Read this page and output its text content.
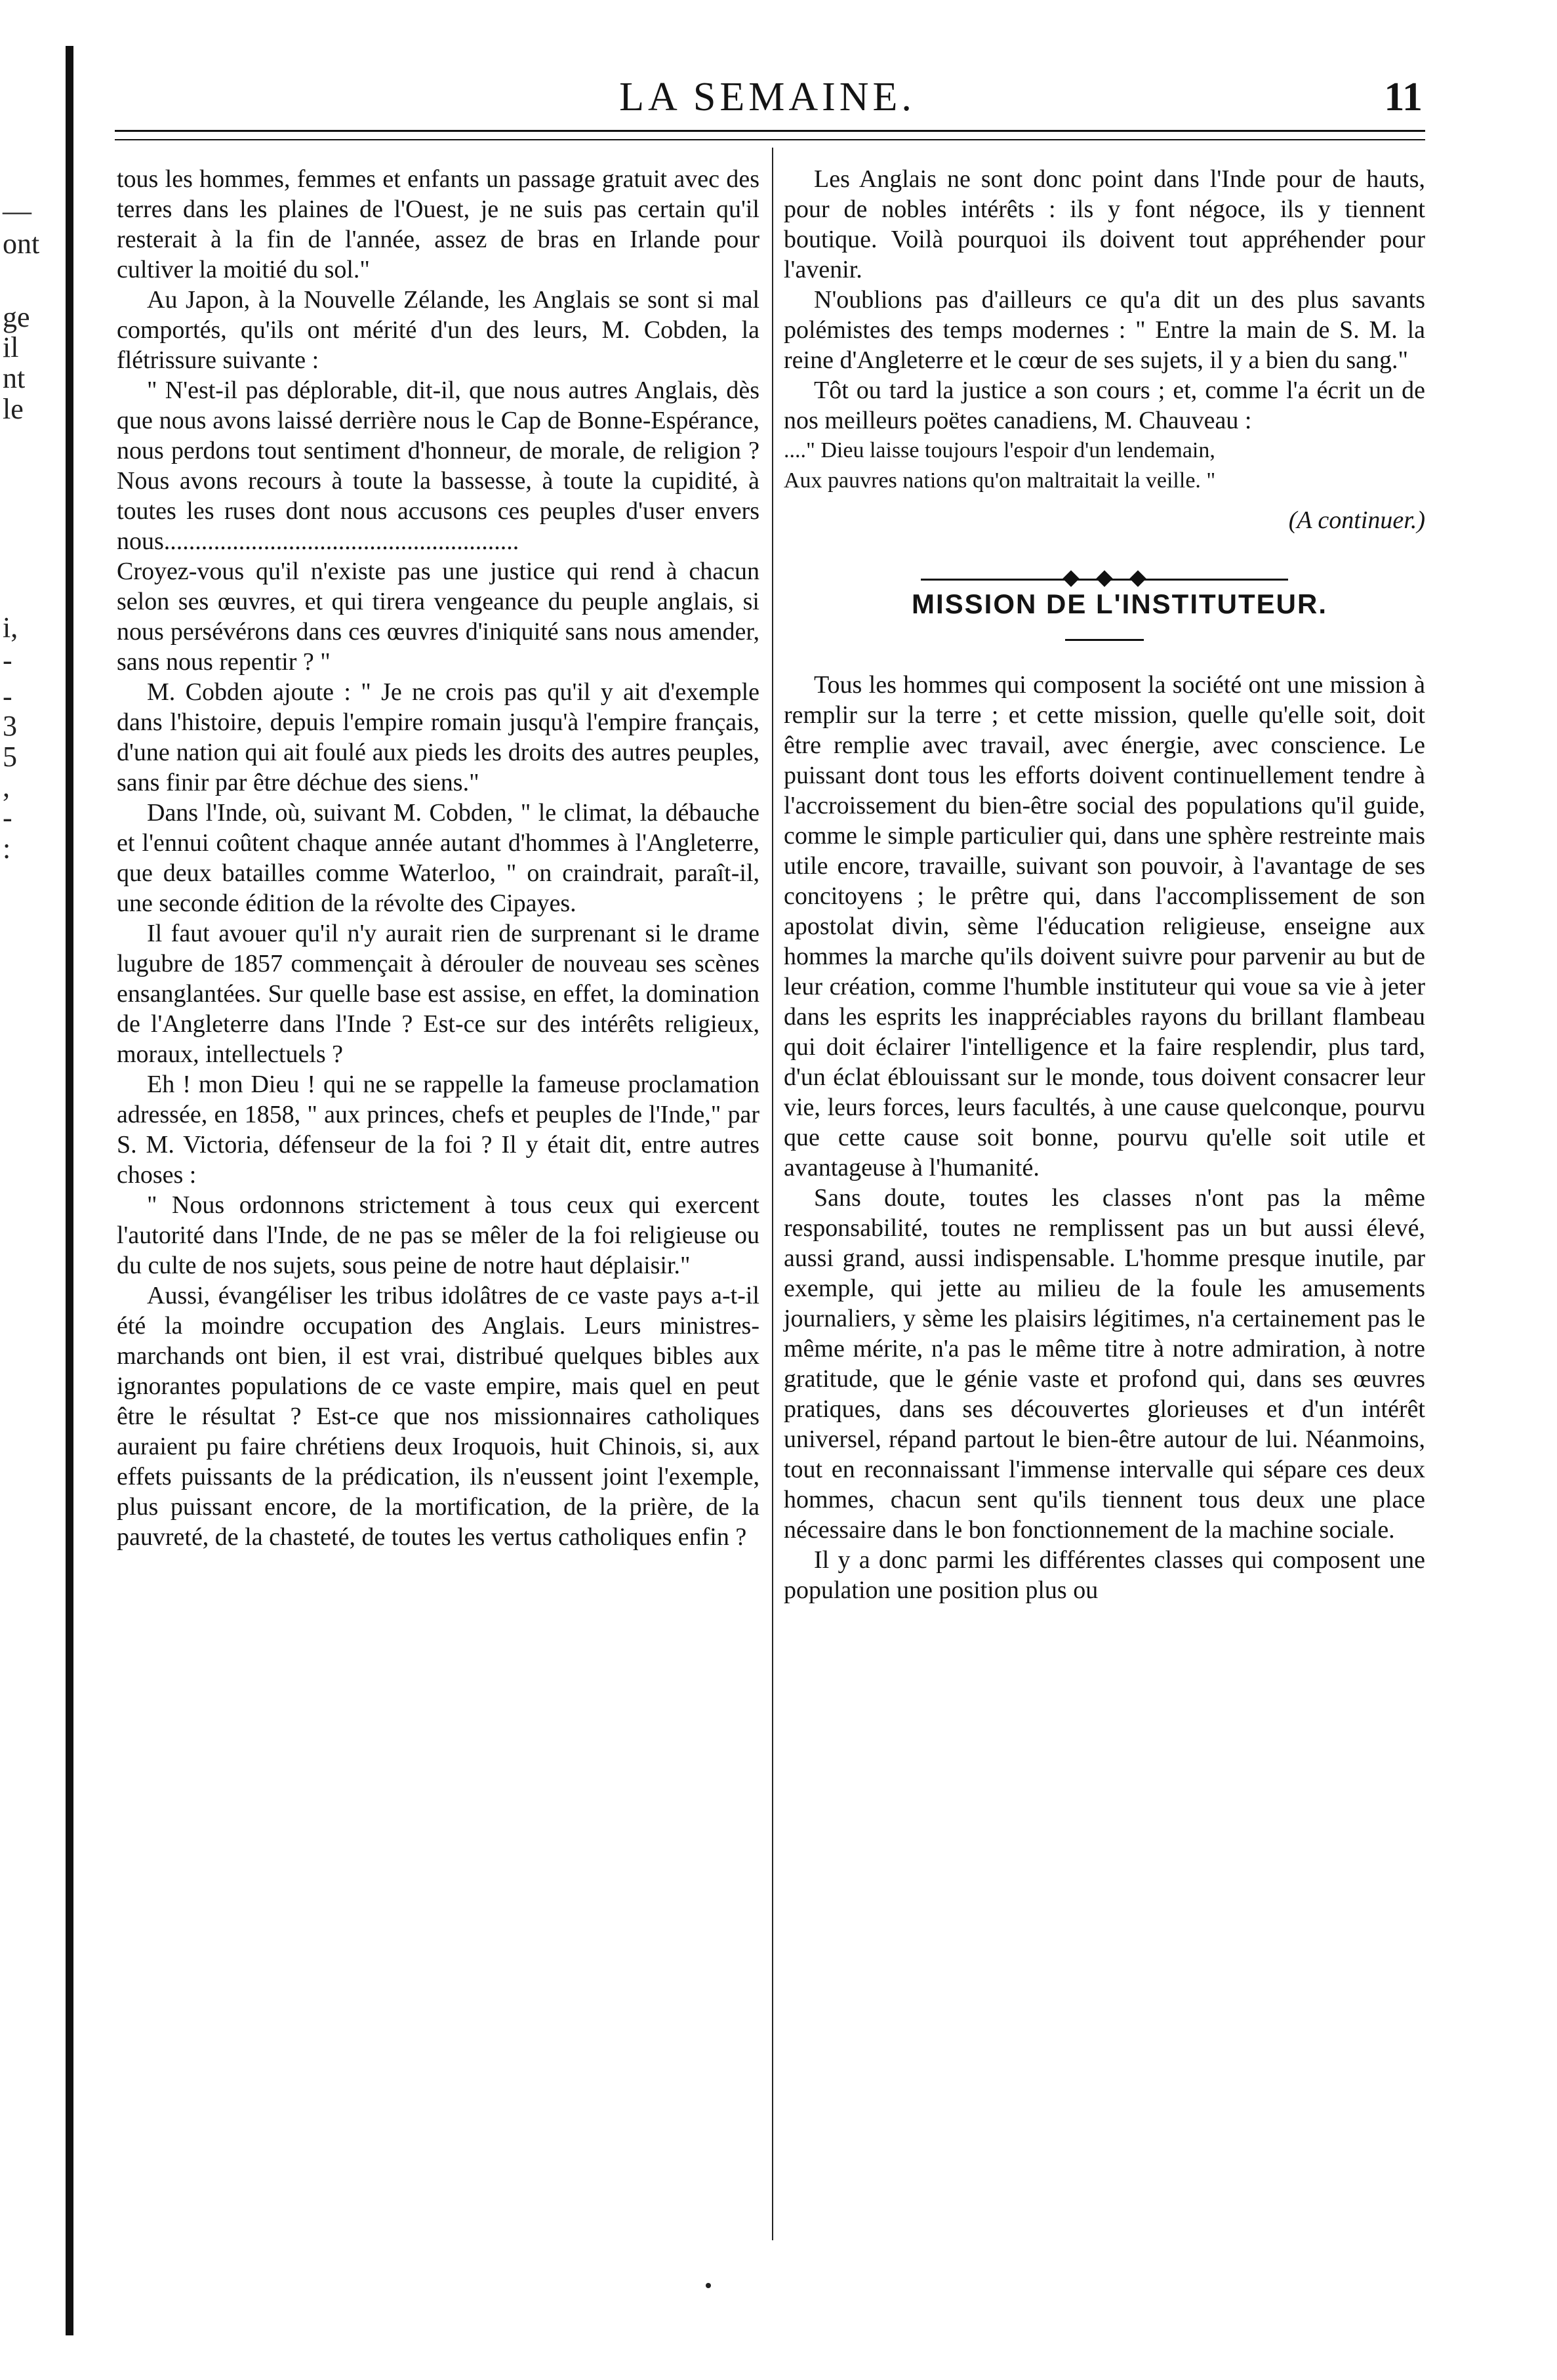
—
ont
ge
il
nt
le
i,
-
-
3
5
,
-
:
LA SEMAINE.	11

tous les hommes, femmes et enfants un passage gratuit avec des terres dans les plaines de l'Ouest, je ne suis pas certain qu'il resterait à la fin de l'année, assez de bras en Irlande pour cultiver la moitié du sol."

Au Japon, à la Nouvelle Zélande, les Anglais se sont si mal comportés, qu'ils ont mérité d'un des leurs, M. Cobden, la flétrissure suivante :

" N'est-il pas déplorable, dit-il, que nous autres Anglais, dès que nous avons laissé derrière nous le Cap de Bonne-Espérance, nous perdons tout sentiment d'honneur, de morale, de religion ? Nous avons recours à toute la bassesse, à toute la cupidité, à toutes les ruses dont nous accusons ces peuples d'user envers nous.........................................................

Croyez-vous qu'il n'existe pas une justice qui rend à chacun selon ses œuvres, et qui tirera vengeance du peuple anglais, si nous persévérons dans ces œuvres d'iniquité sans nous amender, sans nous repentir ? "

M. Cobden ajoute : " Je ne crois pas qu'il y ait d'exemple dans l'histoire, depuis l'empire romain jusqu'à l'empire français, d'une nation qui ait foulé aux pieds les droits des autres peuples, sans finir par être déchue des siens."

Dans l'Inde, où, suivant M. Cobden, " le climat, la débauche et l'ennui coûtent chaque année autant d'hommes à l'Angleterre, que deux batailles comme Waterloo, " on craindrait, paraît-il, une seconde édition de la révolte des Cipayes.

Il faut avouer qu'il n'y aurait rien de surprenant si le drame lugubre de 1857 commençait à dérouler de nouveau ses scènes ensanglantées. Sur quelle base est assise, en effet, la domination de l'Angleterre dans l'Inde ? Est-ce sur des intérêts religieux, moraux, intellectuels ?

Eh ! mon Dieu ! qui ne se rappelle la fameuse proclamation adressée, en 1858, " aux princes, chefs et peuples de l'Inde," par S. M. Victoria, défenseur de la foi ? Il y était dit, entre autres choses :

" Nous ordonnons strictement à tous ceux qui exercent l'autorité dans l'Inde, de ne pas se mêler de la foi religieuse ou du culte de nos sujets, sous peine de notre haut déplaisir."

Aussi, évangéliser les tribus idolâtres de ce vaste pays a-t-il été la moindre occupation des Anglais. Leurs ministres-marchands ont bien, il est vrai, distribué quelques bibles aux ignorantes populations de ce vaste empire, mais quel en peut être le résultat ? Est-ce que nos missionnaires catholiques auraient pu faire chrétiens deux Iroquois, huit Chinois, si, aux effets puissants de la prédication, ils n'eussent joint l'exemple, plus puissant encore, de la mortification, de la prière, de la pauvreté, de la chasteté, de toutes les vertus catholiques enfin ?

Les Anglais ne sont donc point dans l'Inde pour de hauts, pour de nobles intérêts : ils y font négoce, ils y tiennent boutique. Voilà pourquoi ils doivent tout appréhender pour l'avenir.

N'oublions pas d'ailleurs ce qu'a dit un des plus savants polémistes des temps modernes : " Entre la main de S. M. la reine d'Angleterre et le cœur de ses sujets, il y a bien du sang."

Tôt ou tard la justice a son cours ; et, comme l'a écrit un de nos meilleurs poëtes canadiens, M. Chauveau :

...." Dieu laisse toujours l'espoir d'un lendemain,

Aux pauvres nations qu'on maltraitait la veille. "

(A continuer.)

MISSION DE L'INSTITUTEUR.

Tous les hommes qui composent la société ont une mission à remplir sur la terre ; et cette mission, quelle qu'elle soit, doit être remplie avec travail, avec énergie, avec conscience. Le puissant dont tous les efforts doivent continuellement tendre à l'accroissement du bien-être social des populations qu'il guide, comme le simple particulier qui, dans une sphère restreinte mais utile encore, travaille, suivant son pouvoir, à l'avantage de ses concitoyens ; le prêtre qui, dans l'accomplissement de son apostolat divin, sème l'éducation religieuse, enseigne aux hommes la marche qu'ils doivent suivre pour parvenir au but de leur création, comme l'humble instituteur qui voue sa vie à jeter dans les esprits les inappréciables rayons du brillant flambeau qui doit éclairer l'intelligence et la faire resplendir, plus tard, d'un éclat éblouissant sur le monde, tous doivent consacrer leur vie, leurs forces, leurs facultés, à une cause quelconque, pourvu que cette cause soit bonne, pourvu qu'elle soit utile et avantageuse à l'humanité.

Sans doute, toutes les classes n'ont pas la même responsabilité, toutes ne remplissent pas un but aussi élevé, aussi grand, aussi indispensable. L'homme presque inutile, par exemple, qui jette au milieu de la foule les amusements journaliers, y sème les plaisirs légitimes, n'a certainement pas le même mérite, n'a pas le même titre à notre admiration, à notre gratitude, que le génie vaste et profond qui, dans ses œuvres pratiques, dans ses découvertes glorieuses et d'un intérêt universel, répand partout le bien-être autour de lui. Néanmoins, tout en reconnaissant l'immense intervalle qui sépare ces deux hommes, chacun sent qu'ils tiennent tous deux une place nécessaire dans le bon fonctionnement de la machine sociale.

Il y a donc parmi les différentes classes qui composent une population une position plus ou
